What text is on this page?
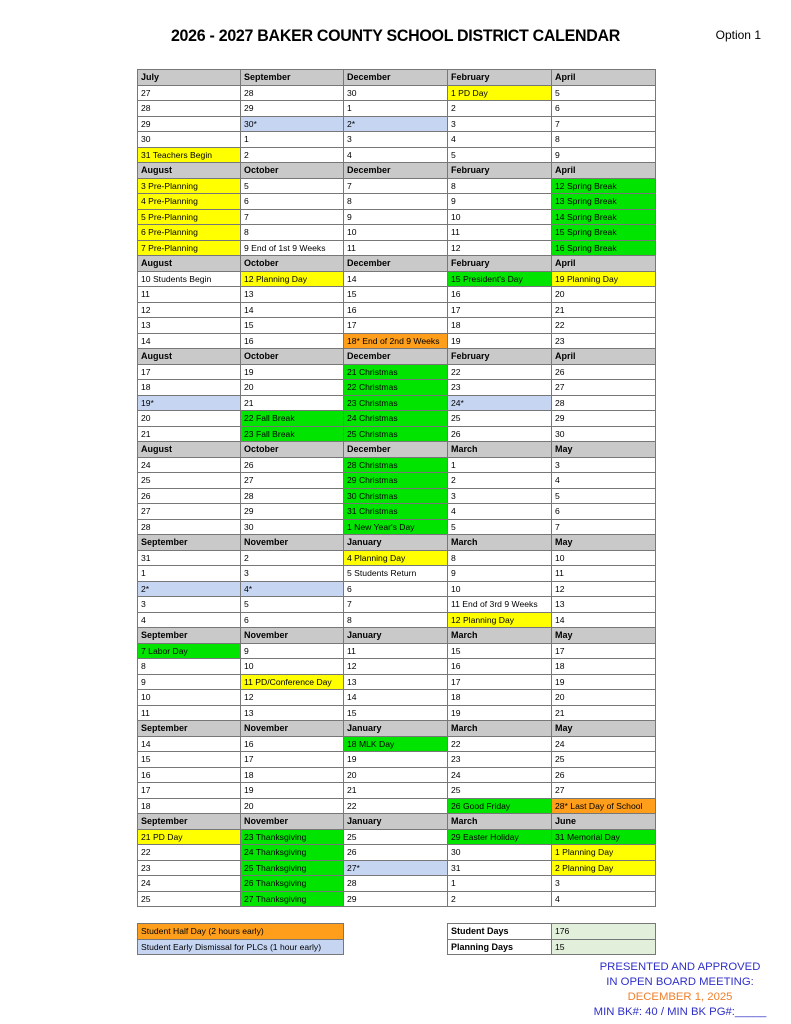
2026 - 2027 BAKER COUNTY SCHOOL DISTRICT CALENDAR	Option 1
July	September	December	February	April
27	28	30	1 PD Day	5
28	29	1	2	6
29	30*	2*	3	7
30	1	3	4	8
31 Teachers Begin	2	4	5	9
August	October	December	February	April
3 Pre-Planning	5	7	8	12 Spring Break
4 Pre-Planning	6	8	9	13 Spring Break
5 Pre-Planning	7	9	10	14 Spring Break
6 Pre-Planning	8	10	11	15 Spring Break
7 Pre-Planning	9 End of 1st 9 Weeks	11	12	16 Spring Break
August	October	December	February	April
10 Students Begin	12 Planning Day	14	15 President's Day	19 Planning Day
11	13	15	16	20
12	14	16	17	21
13	15	17	18	22
14	16	18* End of 2nd 9 Weeks	19	23
August	October	December	February	April
17	19	21 Christmas	22	26
18	20	22 Christmas	23	27
19*	21	23 Christmas	24*	28
20	22 Fall Break	24 Christmas	25	29
21	23 Fall Break	25 Christmas	26	30
August	October	December	March	May
24	26	28 Christmas	1	3
25	27	29 Christmas	2	4
26	28	30 Christmas	3	5
27	29	31 Christmas	4	6
28	30	1 New Year's Day	5	7
September	November	January	March	May
31	2	4 Planning Day	8	10
1	3	5 Students Return	9	11
2*	4*	6	10	12
3	5	7	11 End of 3rd 9 Weeks	13
4	6	8	12 Planning Day	14
September	November	January	March	May
7 Labor Day	9	11	15	17
8	10	12	16	18
9	11 PD/Conference Day	13	17	19
10	12	14	18	20
11	13	15	19	21
September	November	January	March	May
14	16	18 MLK Day	22	24
15	17	19	23	25
16	18	20	24	26
17	19	21	25	27
18	20	22	26 Good Friday	28* Last Day of School
September	November	January	March	June
21 PD Day	23 Thanksgiving	25	29 Easter Holiday	31 Memorial Day
22	24 Thanksgiving	26	30	1 Planning Day
23	25 Thanksgiving	27*	31	2 Planning Day
24	26 Thanksgiving	28	1	3
25	27 Thanksgiving	29	2	4
Student Half Day (2 hours early)		Student Days	176
Student Early Dismissal for PLCs (1 hour early)		Planning Days	15
PRESENTED AND APPROVED
IN OPEN BOARD MEETING:
DECEMBER 1, 2025
MIN BK#: 40 / MIN BK PG#:_____
